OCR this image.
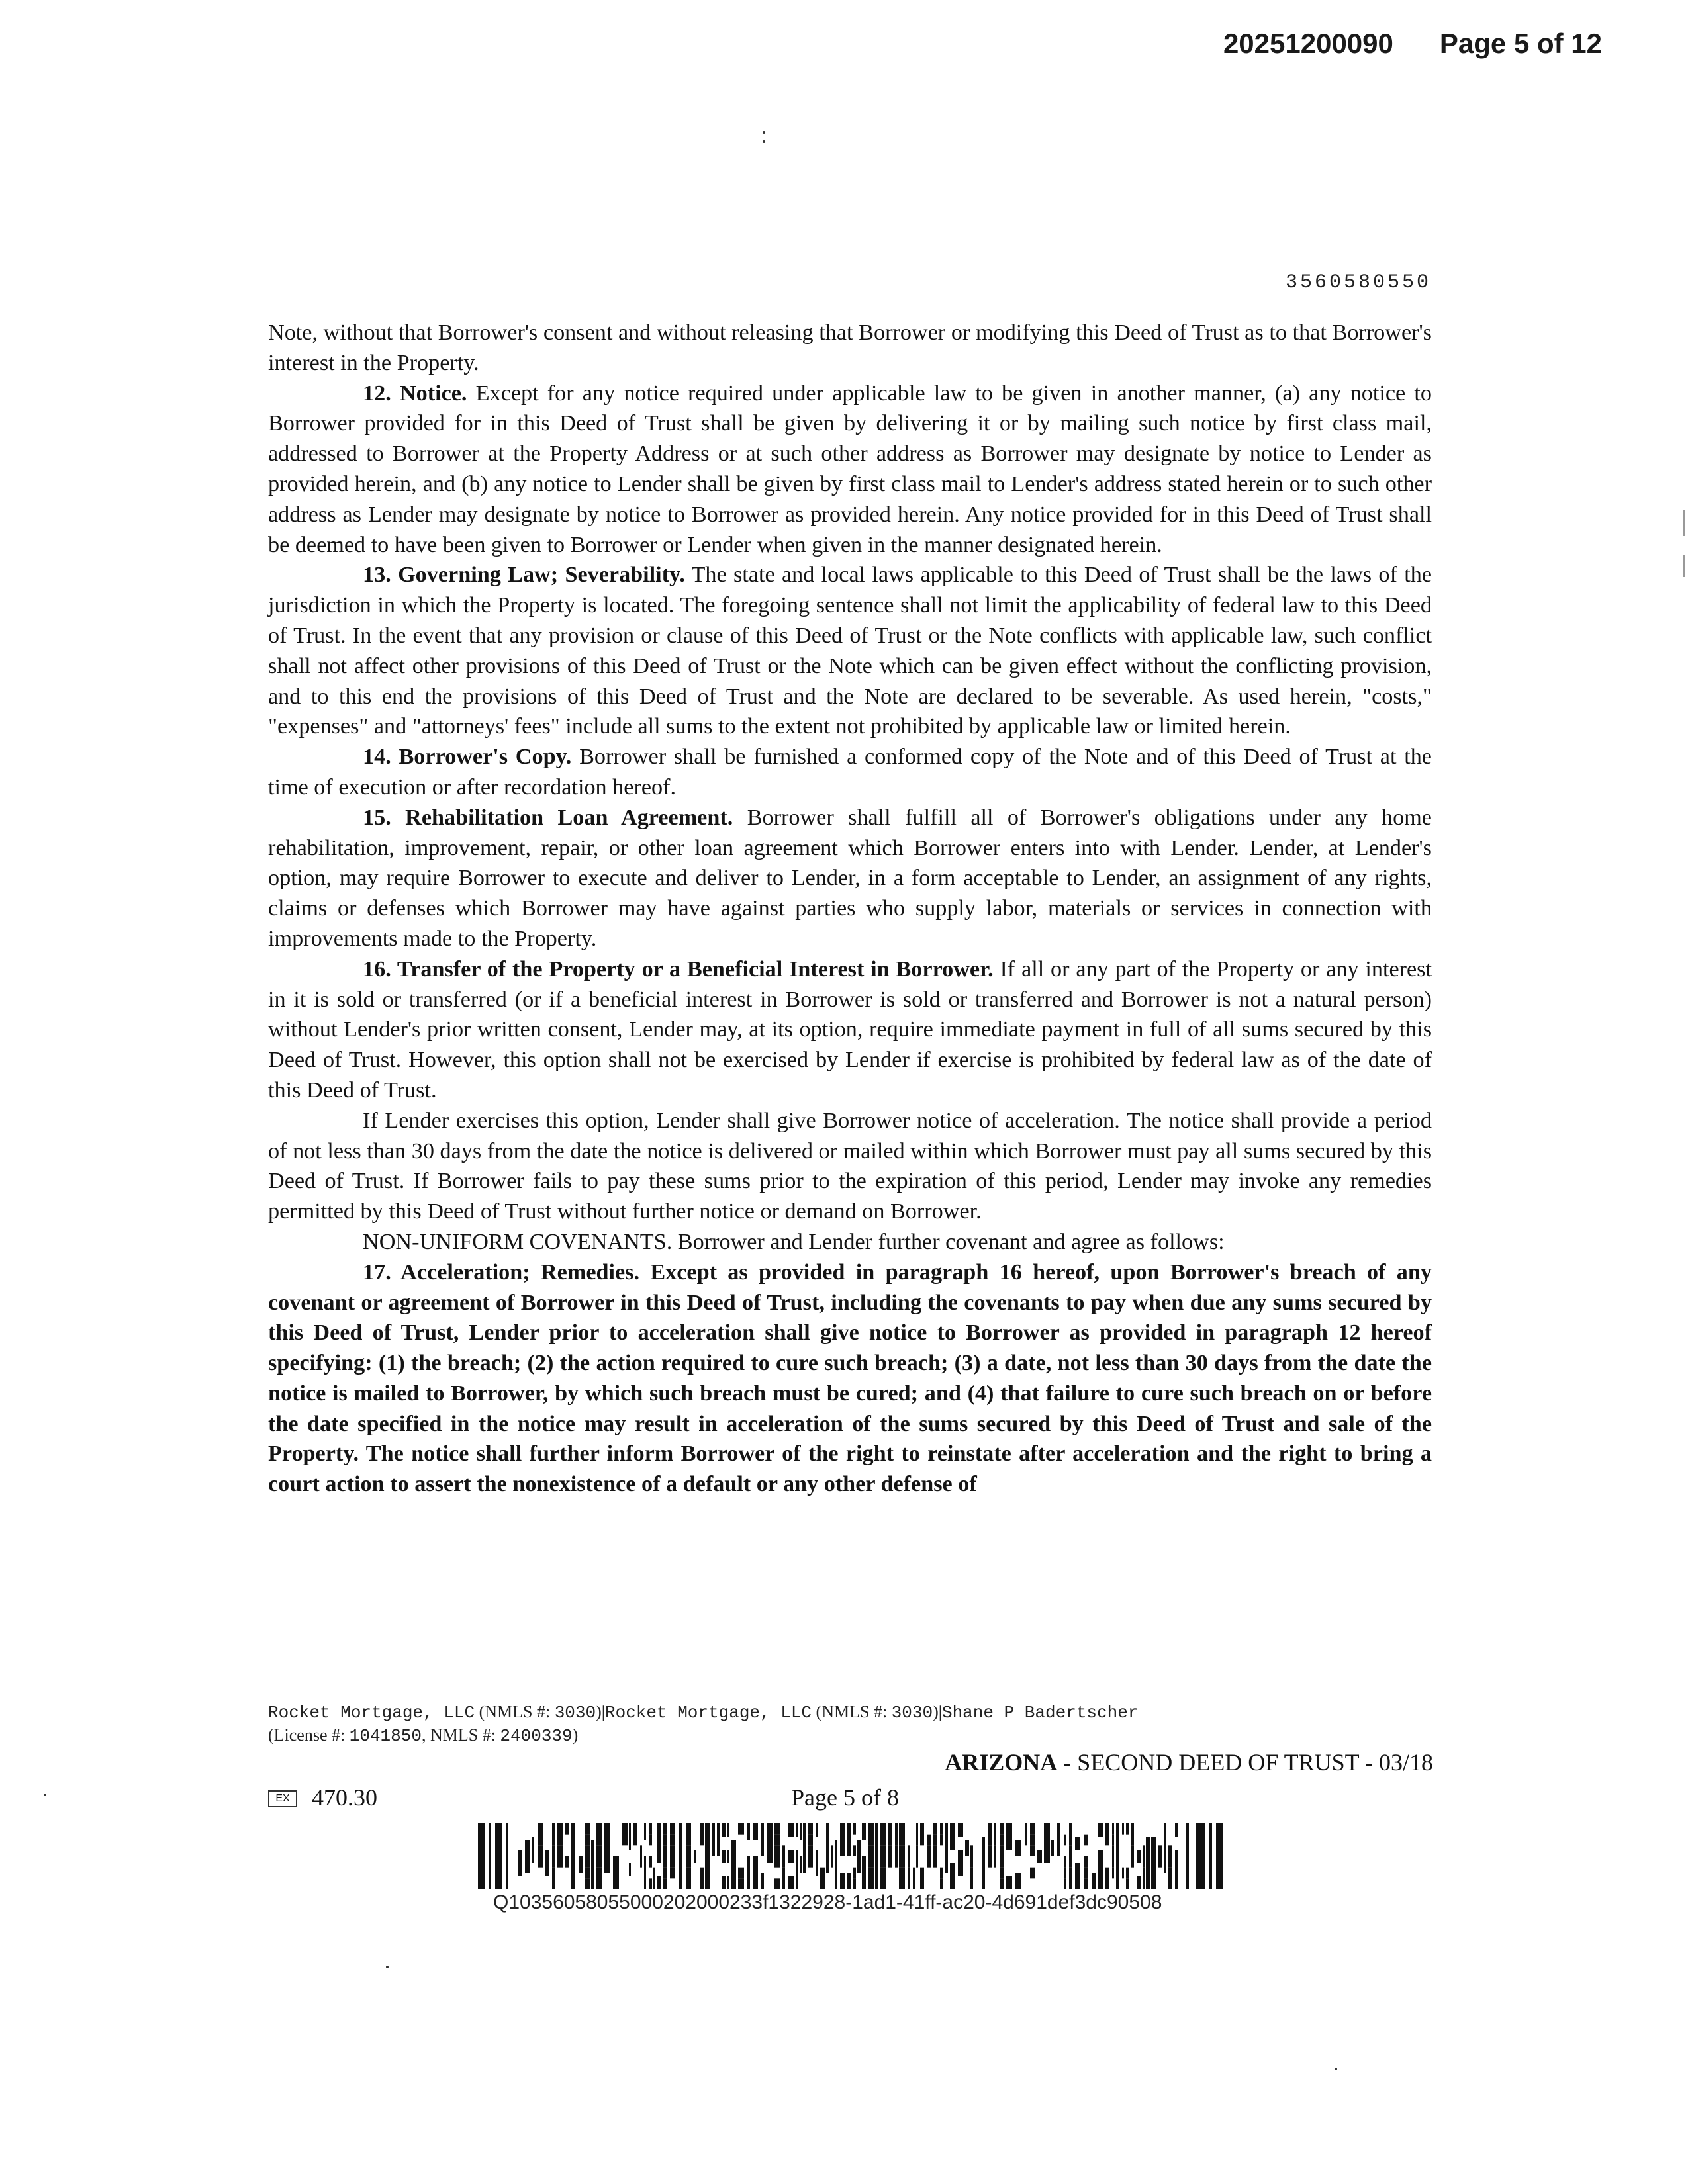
20251200090 Page 5 of 12
3560580550

Note, without that Borrower's consent and without releasing that Borrower or modifying this Deed of Trust as to that Borrower's interest in the Property.

12. Notice. Except for any notice required under applicable law to be given in another manner, (a) any notice to Borrower provided for in this Deed of Trust shall be given by delivering it or by mailing such notice by first class mail, addressed to Borrower at the Property Address or at such other address as Borrower may designate by notice to Lender as provided herein, and (b) any notice to Lender shall be given by first class mail to Lender's address stated herein or to such other address as Lender may designate by notice to Borrower as provided herein. Any notice provided for in this Deed of Trust shall be deemed to have been given to Borrower or Lender when given in the manner designated herein.

13. Governing Law; Severability. The state and local laws applicable to this Deed of Trust shall be the laws of the jurisdiction in which the Property is located. The foregoing sentence shall not limit the applicability of federal law to this Deed of Trust. In the event that any provision or clause of this Deed of Trust or the Note conflicts with applicable law, such conflict shall not affect other provisions of this Deed of Trust or the Note which can be given effect without the conflicting provision, and to this end the provisions of this Deed of Trust and the Note are declared to be severable. As used herein, "costs," "expenses" and "attorneys' fees" include all sums to the extent not prohibited by applicable law or limited herein.

14. Borrower's Copy. Borrower shall be furnished a conformed copy of the Note and of this Deed of Trust at the time of execution or after recordation hereof.

15. Rehabilitation Loan Agreement. Borrower shall fulfill all of Borrower's obligations under any home rehabilitation, improvement, repair, or other loan agreement which Borrower enters into with Lender. Lender, at Lender's option, may require Borrower to execute and deliver to Lender, in a form acceptable to Lender, an assignment of any rights, claims or defenses which Borrower may have against parties who supply labor, materials or services in connection with improvements made to the Property.

16. Transfer of the Property or a Beneficial Interest in Borrower. If all or any part of the Property or any interest in it is sold or transferred (or if a beneficial interest in Borrower is sold or transferred and Borrower is not a natural person) without Lender's prior written consent, Lender may, at its option, require immediate payment in full of all sums secured by this Deed of Trust. However, this option shall not be exercised by Lender if exercise is prohibited by federal law as of the date of this Deed of Trust.

If Lender exercises this option, Lender shall give Borrower notice of acceleration. The notice shall provide a period of not less than 30 days from the date the notice is delivered or mailed within which Borrower must pay all sums secured by this Deed of Trust. If Borrower fails to pay these sums prior to the expiration of this period, Lender may invoke any remedies permitted by this Deed of Trust without further notice or demand on Borrower.

NON-UNIFORM COVENANTS. Borrower and Lender further covenant and agree as follows:

17. Acceleration; Remedies. Except as provided in paragraph 16 hereof, upon Borrower's breach of any covenant or agreement of Borrower in this Deed of Trust, including the covenants to pay when due any sums secured by this Deed of Trust, Lender prior to acceleration shall give notice to Borrower as provided in paragraph 12 hereof specifying: (1) the breach; (2) the action required to cure such breach; (3) a date, not less than 30 days from the date the notice is mailed to Borrower, by which such breach must be cured; and (4) that failure to cure such breach on or before the date specified in the notice may result in acceleration of the sums secured by this Deed of Trust and sale of the Property. The notice shall further inform Borrower of the right to reinstate after acceleration and the right to bring a court action to assert the nonexistence of a default or any other defense of

Rocket Mortgage, LLC (NMLS #: 3030)|Rocket Mortgage, LLC (NMLS #: 3030)|Shane P Badertscher
(License #: 1041850, NMLS #: 2400339)
ARIZONA - SECOND DEED OF TRUST - 03/18
EX 470.30	Page 5 of 8
Q10356058055000202000233f1322928-1ad1-41ff-ac20-4d691def3dc90508
